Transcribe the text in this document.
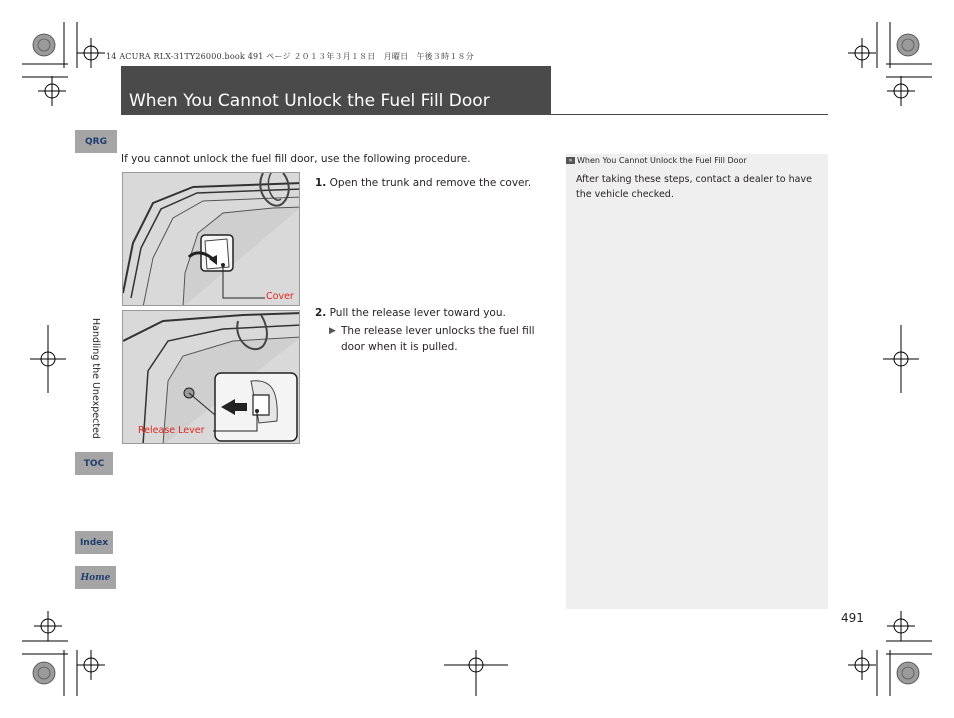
14 ACURA RLX-31TY26000.book 491 ページ ２０１３年３月１８日　月曜日　午後３時１８分
When You Cannot Unlock the Fuel Fill Door
QRG
TOC
Index
Home
Handling the Unexpected
If you cannot unlock the fuel fill door, use the following procedure.
Cover
Release Lever
1. Open the trunk and remove the cover.
2. Pull the release lever toward you.
▶ The release lever unlocks the fuel fill door when it is pulled.
» When You Cannot Unlock the Fuel Fill Door
After taking these steps, contact a dealer to have the vehicle checked.
491
